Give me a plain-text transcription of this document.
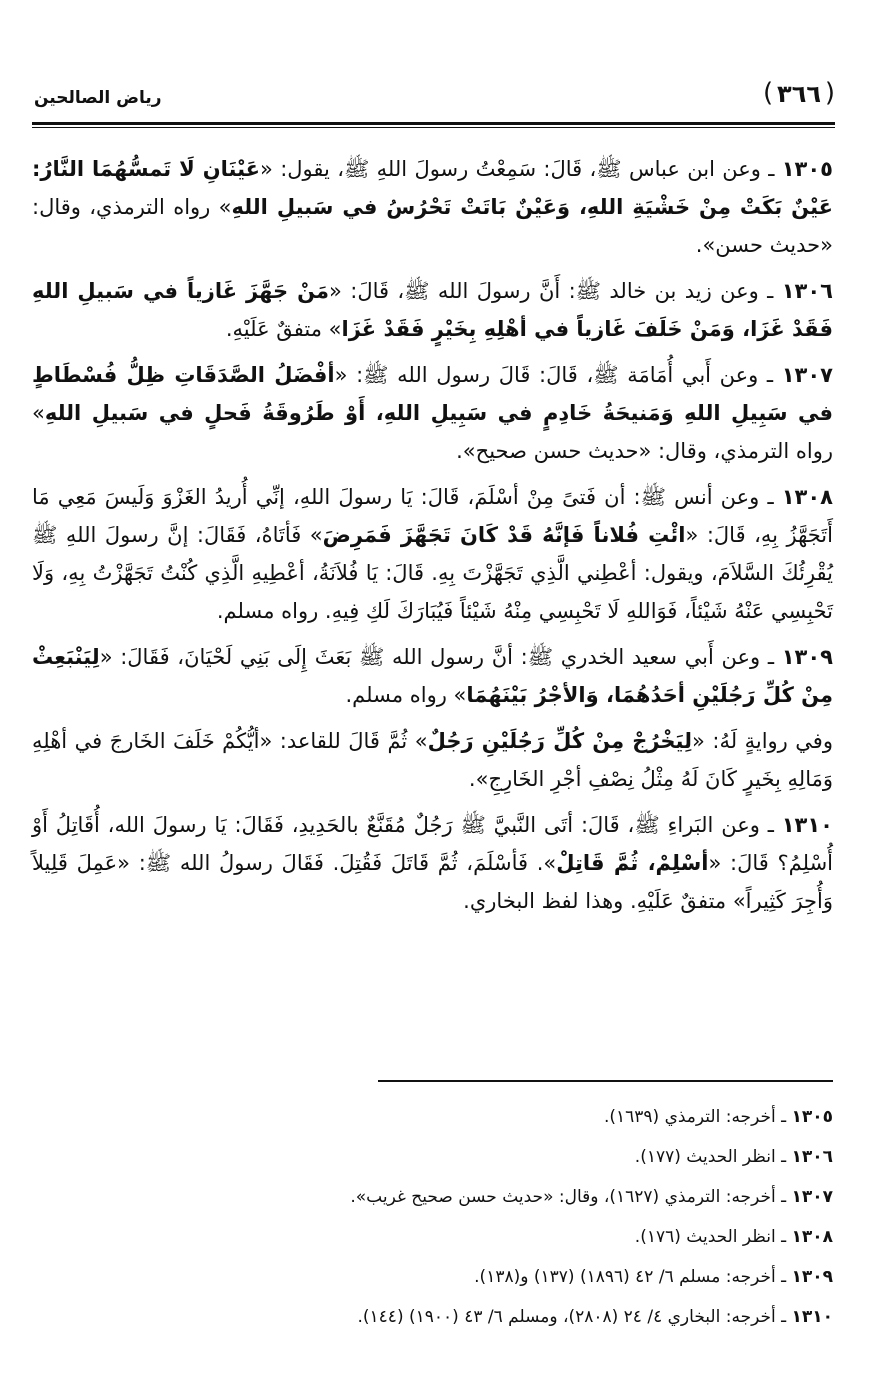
( ٣٦٦ )
رياض الصالحين

١٣٠٥ ـ وعن ابن عباس ﷺ، قَالَ: سَمِعْتُ رسولَ اللهِ ﷺ، يقول: «عَيْنَانِ لَا تَمسُّهُمَا النَّارُ: عَيْنٌ بَكَتْ مِنْ خَشْيَةِ اللهِ، وَعَيْنٌ بَاتَتْ تَحْرُسُ في سَبيلِ اللهِ» رواه الترمذي، وقال: «حديث حسن».

١٣٠٦ ـ وعن زيد بن خالد ﷺ: أَنَّ رسولَ الله ﷺ، قَالَ: «مَنْ جَهَّزَ غَازياً في سَبيلِ اللهِ فَقَدْ غَزَا، وَمَنْ خَلَفَ غَازياً في أهْلِهِ بِخَيْرٍ فَقَدْ غَزَا» متفقٌ عَلَيْهِ.

١٣٠٧ ـ وعن أَبي أُمَامَة ﷺ، قَالَ: قَالَ رسول الله ﷺ: «أفْضَلُ الصَّدَقَاتِ ظِلُّ فُسْطَاطٍ في سَبِيلِ اللهِ وَمَنيحَةُ خَادِمٍ في سَبِيلِ اللهِ، أَوْ طَرُوقَةُ فَحلٍ في سَبيلِ اللهِ» رواه الترمذي، وقال: «حديث حسن صحيح».

١٣٠٨ ـ وعن أنس ﷺ: أن فَتىً مِنْ أسْلَمَ، قَالَ: يَا رسولَ اللهِ، إنِّي أُريدُ الغَزْوَ وَلَيسَ مَعِي مَا أَتَجَهَّزُ بِهِ، قَالَ: «ائْتِ فُلاناً فَإنَّهُ قَدْ كَانَ تَجَهَّزَ فَمَرِضَ» فَأتَاهُ، فَقَالَ: إنَّ رسولَ اللهِ ﷺ يُقْرِئُكَ السَّلاَمَ، ويقول: أعْطِني الَّذِي تَجَهَّزْتَ بِهِ. قَالَ: يَا فُلاَنَةُ، أعْطِيهِ الَّذِي كُنْتُ تَجَهَّزْتُ بِهِ، وَلَا تَحْبِسِي عَنْهُ شَيْئاً، فَوَاللهِ لَا تَحْبِسِي مِنْهُ شَيْئاً فَيُبَارَكَ لَكِ فِيهِ. رواه مسلم.

١٣٠٩ ـ وعن أَبي سعيد الخدري ﷺ: أنَّ رسول الله ﷺ بَعَثَ إِلَى بَنِي لَحْيَانَ، فَقَالَ: «لِيَنْبَعِثْ مِنْ كُلِّ رَجُلَيْنِ أحَدُهُمَا، وَالأجْرُ بَيْنَهُمَا» رواه مسلم.

وفي روايةٍ لَهُ: «لِيَخْرُجْ مِنْ كُلِّ رَجُلَيْنِ رَجُلٌ» ثُمَّ قَالَ للقاعد: «أيُّكُمْ خَلَفَ الخَارجَ في أهْلِهِ وَمَالِهِ بِخَيرٍ كَانَ لَهُ مِثْلُ نِصْفِ أجْرِ الخَارِجِ».

١٣١٠ ـ وعن البَراءِ ﷺ، قَالَ: أتَى النَّبيَّ ﷺ رَجُلٌ مُقَنَّعٌ بالحَدِيدِ، فَقَالَ: يَا رسولَ الله، أُقَاتِلُ أَوْ أُسْلِمُ؟ قَالَ: «أسْلِمْ، ثُمَّ قَاتِلْ». فَأسْلَمَ، ثُمَّ قَاتَلَ فَقُتِلَ. فَقَالَ رسولُ الله ﷺ: «عَمِلَ قَلِيلاً وَأُجِرَ كَثِيراً» متفقٌ عَلَيْهِ. وهذا لفظ البخاري.

١٣٠٥ ـ أخرجه: الترمذي (١٦٣٩).
١٣٠٦ ـ انظر الحديث (١٧٧).
١٣٠٧ ـ أخرجه: الترمذي (١٦٢٧)، وقال: «حديث حسن صحيح غريب».
١٣٠٨ ـ انظر الحديث (١٧٦).
١٣٠٩ ـ أخرجه: مسلم ٦/ ٤٢ (١٨٩٦) (١٣٧) و(١٣٨).
١٣١٠ ـ أخرجه: البخاري ٤/ ٢٤ (٢٨٠٨)، ومسلم ٦/ ٤٣ (١٩٠٠) (١٤٤).
